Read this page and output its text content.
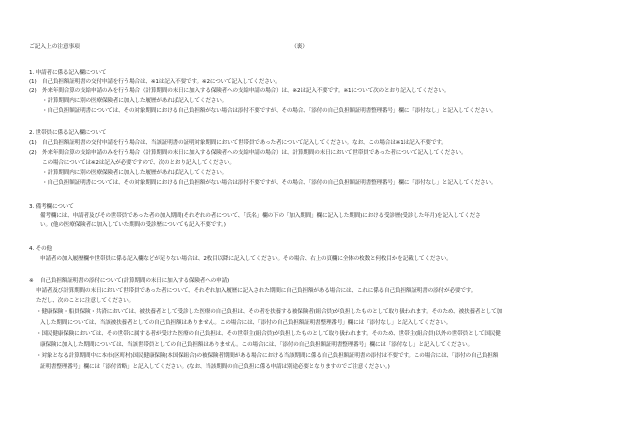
ご記入上の注意事項	（裏）
1. 申請者に係る記入欄について
(1) 自己負担額証明書の交付申請を行う場合は、※1は記入不要です。※2について記入してください。
(2) 外来年間合算の支給申請のみを行う場合（計算期間の末日に加入する保険者への支給申請の場合）は、※2は記入不要です。※1について次のとおり記入してください。
・計算期間内に別の医療保険者に加入した履歴があれば記入してください。
・自己負担額証明書については、その対象期間における自己負担額がない場合は添付不要ですが、その場合、「添付の自己負担額証明書整理番号」欄に「添付なし」と記入してください。
2. 世帯員に係る記入欄について
(1) 自己負担額証明書の交付申請を行う場合は、当該証明書の証明対象期間において世帯員であった者について記入してください。なお、この場合は※1は記入不要です。
(2) 外来年間合算の支給申請のみを行う場合（計算期間の末日に加入する保険者への支給申請の場合）は、計算期間の末日において世帯員であった者について記入してください。
この場合については※2は記入が必要ですので、次のとおり記入してください。
・計算期間内に別の医療保険者に加入した履歴があれば記入してください。
・自己負担額証明書については、その対象期間における自己負担額がない場合は添付不要ですが、その場合、「添付の自己負担額証明書整理番号」欄に「添付なし」と記入してください。
3. 備考欄について
備考欄には、申請者及びその世帯員であった者の加入期間(それぞれの者について、「氏名」欄の下の「加入期間」欄に記入した期間)における受診歴(受診した年月)を記入してくださ
い。(他の医療保険者に加入していた期間の受診歴についても記入不要です。)
4. その他
申請者の加入履歴欄や世帯員に係る記入欄などが足りない場合は、2枚目以降に記入してください。その場合、右上の頁欄に全体の枚数と何枚目かを記載してください。
※ 自己負担額証明書の添付について(計算期間の末日に加入する保険者への申請)
申請者及び計算期間の末日において世帯員であった者について、それぞれ加入履歴に記入された期間に自己負担額がある場合には、これに係る自己負担額証明書の添付が必要です。
ただし、次のことに注意してください。
・健康保険・船員保険・共済においては、被扶養者として受診した医療の自己負担は、その者を扶養する被保険者(組合員)が負担したものとして取り扱われます。そのため、被扶養者として加
入した期間については、当該被扶養者としての自己負担額はありません。この場合には、「添付の自己負担額証明書整理番号」欄には「添付なし」と記入してください。
・国民健康保険においては、その世帯に属する者が受けた医療の自己負担は、その世帯主(組合員)が負担したものとして取り扱われます。そのため、世帯主(組合員)以外の世帯員として国民健
康保険に加入した期間については、当該世帯員としての自己負担額はありません。この場合には、「添付の自己負担額証明書整理番号」欄には「添付なし」と記入してください。
・対象となる計算期間中に本市(区町村)国民健康保険(本国保組合)の被保険者期間がある場合における当該期間に係る自己負担額証明書の添付は不要です。この場合には、「添付の自己負担額
証明書整理番号」欄には「添付省略」と記入してください。(なお、当該期間の自己負担に係る申請は別途必要となりますのでご注意ください。)
